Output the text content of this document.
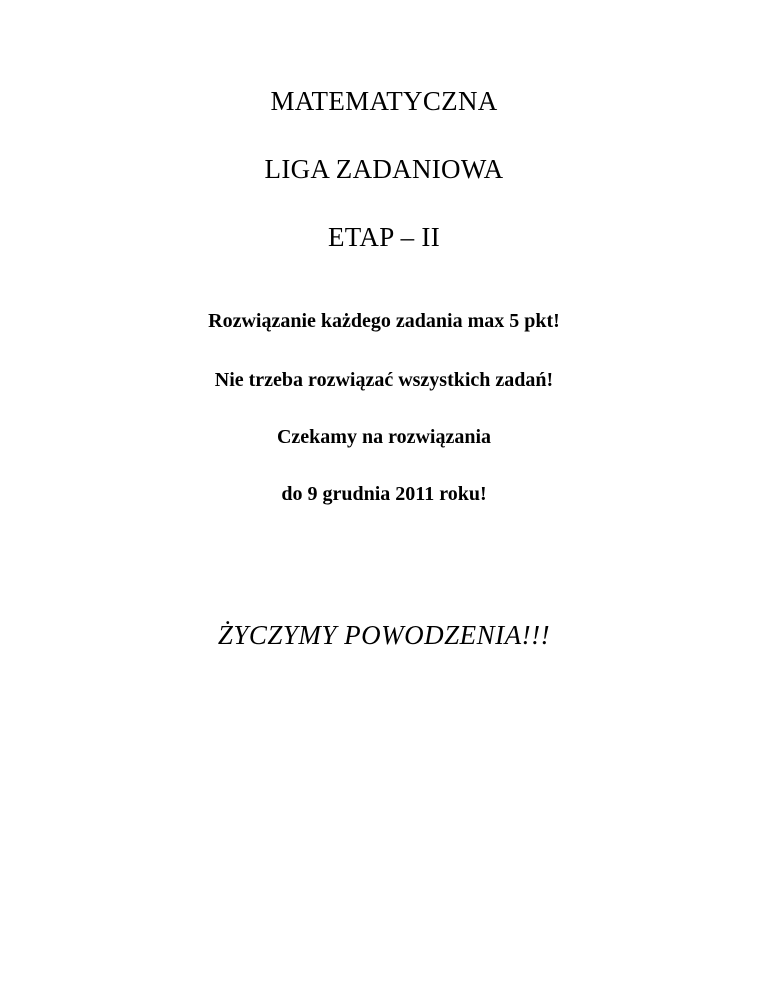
MATEMATYCZNA
LIGA ZADANIOWA
ETAP – II

Rozwiązanie każdego zadania max 5 pkt!

Nie trzeba rozwiązać wszystkich zadań!

Czekamy na rozwiązania

do 9 grudnia 2011 roku!

ŻYCZYMY POWODZENIA!!!
